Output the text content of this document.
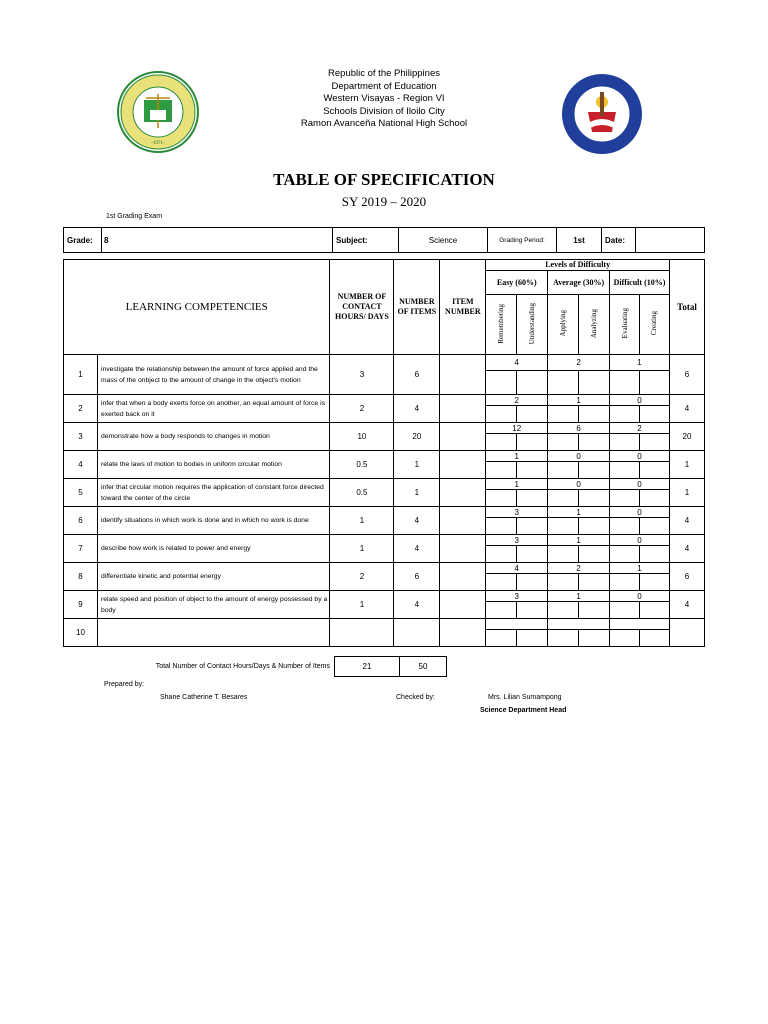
-1971-
Republic of the Philippines
Department of Education
Western Visayas - Region VI
Schools Division of Iloilo City
Ramon Avanceña National High School
TABLE OF SPECIFICATION
SY 2019 – 2020
1st Grading Exam
Grade:	8	Subject:	Science	Grading Period:	1st	Date:	
LEARNING COMPETENCIES		NUMBER OF CONTACT HOURS/ DAYS	NUMBER OF ITEMS	ITEM NUMBER	Levels of Difficulty						Total
					Easy (60%)		Average (30%)		Difficult (10%)		
					Remembering	Understanding	Applying	Analyzing	Evaluating	Creating	
1	investigate the relationship between the amount of force applied and the mass of the onbject to the amount of change in the object's motion	3	6		4		2		1		6

2	infer that when a body exerts force on another, an equal amount of force is exerted back on it	2	4		2		1		0		4

3	demonstrate how a body responds to changes in motion	10	20		12		6		2		20

4	relate the laws of motion to bodies in uniform circular motion	0.5	1		1		0		0		1

5	infer that circular motion requires the application of constant force directed toward the center of the circle	0.5	1		1		0		0		1

6	identify situations in which work is done and in which no work is done	1	4		3		1		0		4

7	describe how work is related to power and energy	1	4		3		1		0		4

8	differentiate kinetic and potential energy	2	6		4		2		1		6

9	relate speed and position of object to the amount of energy possessed by a body	1	4		3		1		0		4

10											

Total Number of Contact Hours/Days & Number of Items	21	50
Prepared by:
Shane Catherine T. Besares	Checked by:	Mrs. Lilian Sumampong
Science Department Head
